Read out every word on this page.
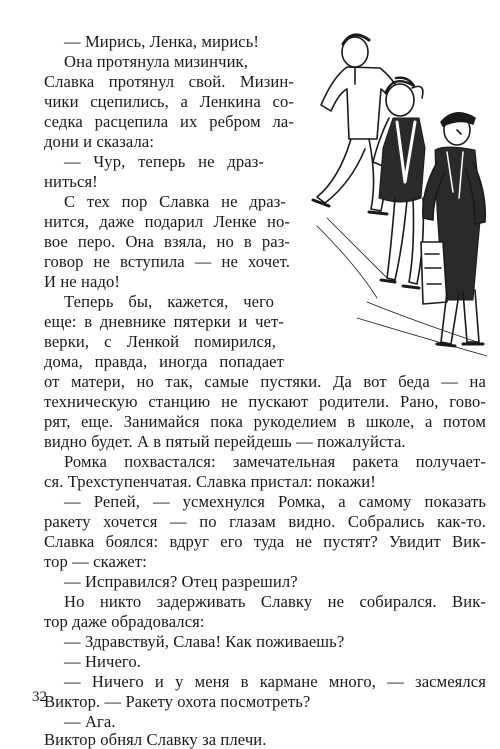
— Мирись, Ленка, мирись!
Она протянула мизинчик,
Славка протянул свой. Мизин-
чики сцепились, а Ленкина со-
седка расцепила их ребром ла-
дони и сказала:
— Чур, теперь не драз-
ниться!
С тех пор Славка не драз-
нится, даже подарил Ленке но-
вое перо. Она взяла, но в раз-
говор не вступила — не хочет.
И не надо!
Теперь бы, кажется, чего
еще: в дневнике пятерки и чет-
верки, с Ленкой помирился,
дома, правда, иногда попадает
от матери, но так, самые пустяки. Да вот беда — на
техническую станцию не пускают родители. Рано, гово-
рят, еще. Занимайся пока рукоделием в школе, а потом
видно будет. А в пятый перейдешь — пожалуйста.
Ромка похвастался: замечательная ракета получает-
ся. Трехступенчатая. Славка пристал: покажи!
— Репей, — усмехнулся Ромка, а самому показать
ракету хочется — по глазам видно. Собрались как-то.
Славка боялся: вдруг его туда не пустят? Увидит Вик-
тор — скажет:
— Исправился? Отец разрешил?
Но никто задерживать Славку не собирался. Вик-
тор даже обрадовался:
— Здравствуй, Слава! Как поживаешь?
— Ничего.
— Ничего и у меня в кармане много, — засмеялся
Виктор. — Ракету охота посмотреть?
— Ага.
Виктор обнял Славку за плечи.
32
